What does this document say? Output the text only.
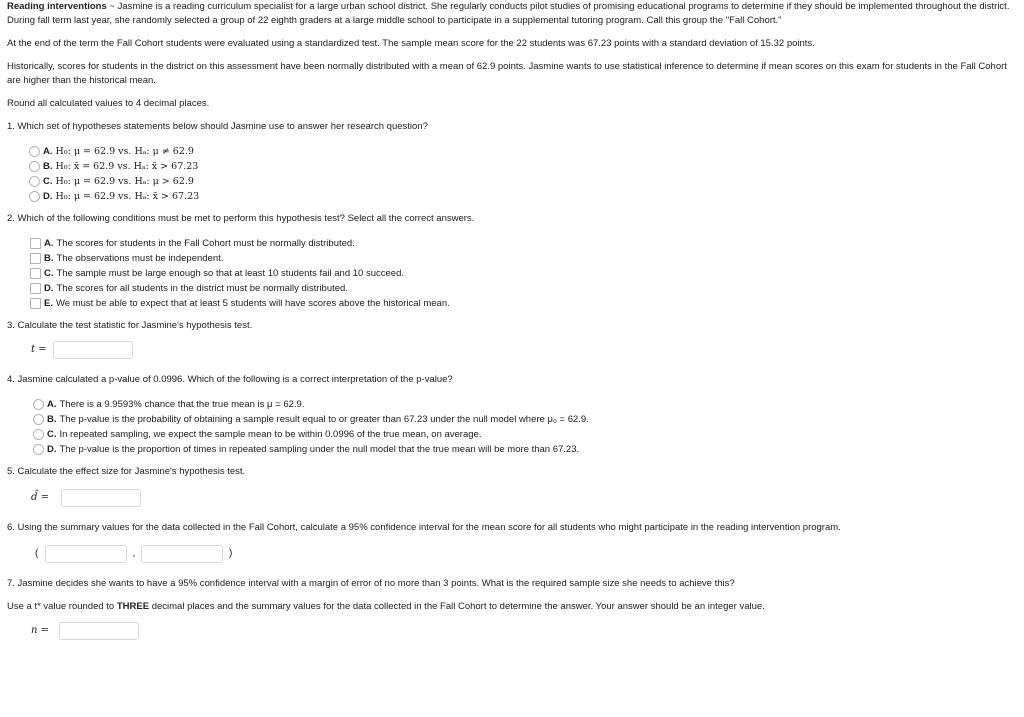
Reading interventions ~ Jasmine is a reading curriculum specialist for a large urban school district. She regularly conducts pilot studies of promising educational programs to determine if they should be implemented throughout the district. During fall term last year, she randomly selected a group of 22 eighth graders at a large middle school to participate in a supplemental tutoring program. Call this group the "Fall Cohort."

At the end of the term the Fall Cohort students were evaluated using a standardized test. The sample mean score for the 22 students was 67.23 points with a standard deviation of 15.32 points.

Historically, scores for students in the district on this assessment have been normally distributed with a mean of 62.9 points. Jasmine wants to use statistical inference to determine if mean scores on this exam for students in the Fall Cohort are higher than the historical mean.

Round all calculated values to 4 decimal places.

1. Which set of hypotheses statements below should Jasmine use to answer her research question?

A. H₀: μ = 62.9 vs. Hₐ: μ ≠ 62.9
B. H₀: x̄ = 62.9 vs. Hₐ: x̄ > 67.23
C. H₀: μ = 62.9 vs. Hₐ: μ > 62.9
D. H₀: μ = 62.9 vs. Hₐ: x̄ > 67.23

2. Which of the following conditions must be met to perform this hypothesis test? Select all the correct answers.

A. The scores for students in the Fall Cohort must be normally distributed.
B. The observations must be independent.
C. The sample must be large enough so that at least 10 students fail and 10 succeed.
D. The scores for all students in the district must be normally distributed.
E. We must be able to expect that at least 5 students will have scores above the historical mean.

3. Calculate the test statistic for Jasmine's hypothesis test.

t =

4. Jasmine calculated a p-value of 0.0996. Which of the following is a correct interpretation of the p-value?

A. There is a 9.9593% chance that the true mean is μ = 62.9.
B. The p-value is the probability of obtaining a sample result equal to or greater than 67.23 under the null model where μ₀ = 62.9.
C. In repeated sampling, we expect the sample mean to be within 0.0996 of the true mean, on average.
D. The p-value is the proportion of times in repeated sampling under the null model that the true mean will be more than 67.23.

5. Calculate the effect size for Jasmine's hypothesis test.

d̂ =

6. Using the summary values for the data collected in the Fall Cohort, calculate a 95% confidence interval for the mean score for all students who might participate in the reading intervention program.

(	,	)

7. Jasmine decides she wants to have a 95% confidence interval with a margin of error of no more than 3 points. What is the required sample size she needs to achieve this?

Use a t* value rounded to THREE decimal places and the summary values for the data collected in the Fall Cohort to determine the answer. Your answer should be an integer value.

n =
